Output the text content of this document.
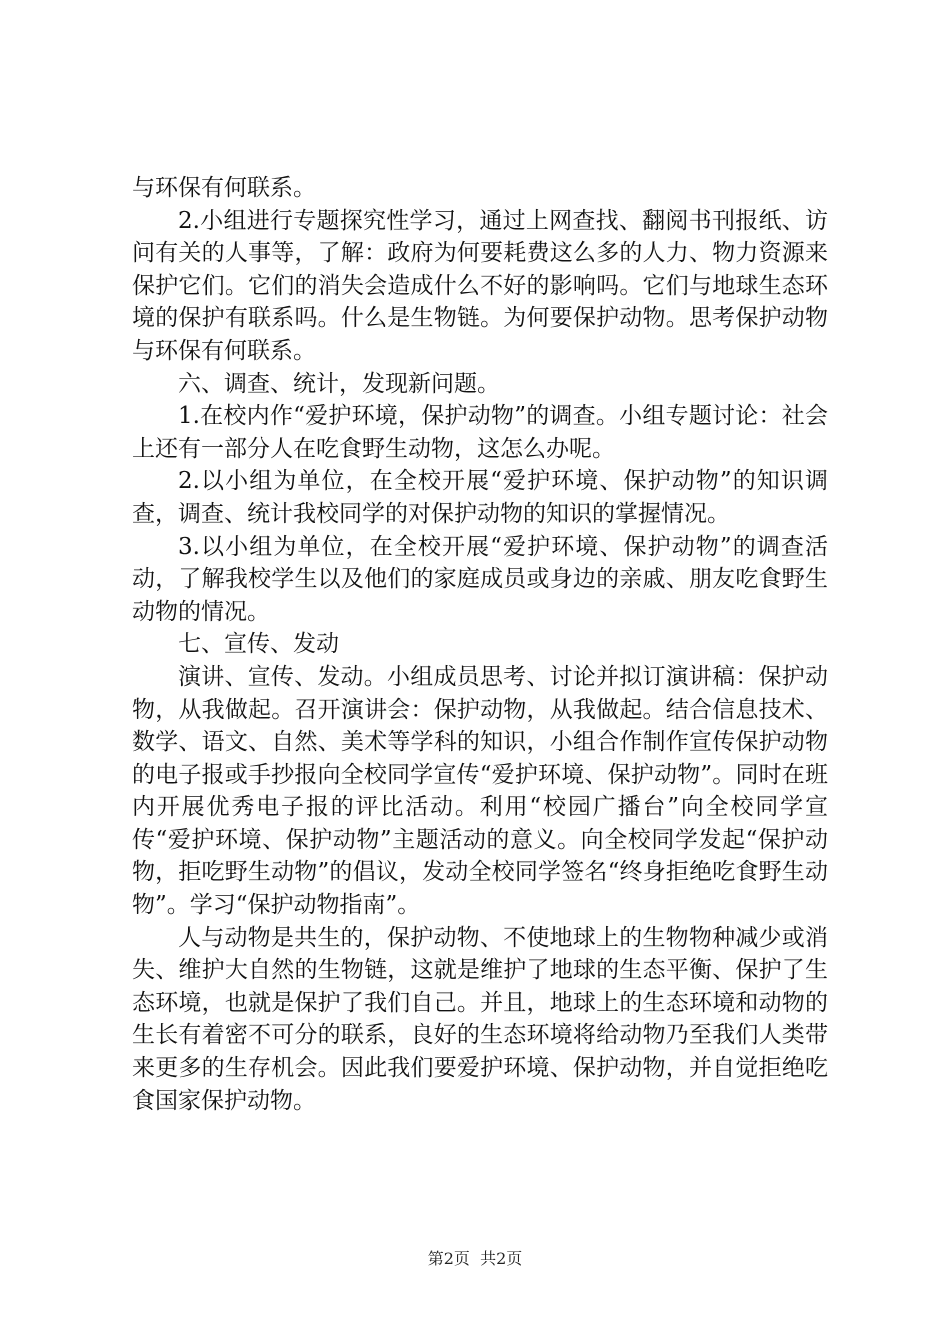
与环保有何联系。

2.小组进行专题探究性学习，通过上网查找、翻阅书刊报纸、访问有关的人事等，了解：政府为何要耗费这么多的人力、物力资源来保护它们。它们的消失会造成什么不好的影响吗。它们与地球生态环境的保护有联系吗。什么是生物链。为何要保护动物。思考保护动物与环保有何联系。

六、调查、统计，发现新问题。

1.在校内作“爱护环境，保护动物”的调查。小组专题讨论：社会上还有一部分人在吃食野生动物，这怎么办呢。

2.以小组为单位，在全校开展“爱护环境、保护动物”的知识调查，调查、统计我校同学的对保护动物的知识的掌握情况。

3.以小组为单位，在全校开展“爱护环境、保护动物”的调查活动，了解我校学生以及他们的家庭成员或身边的亲戚、朋友吃食野生动物的情况。

七、宣传、发动

演讲、宣传、发动。小组成员思考、讨论并拟订演讲稿：保护动物，从我做起。召开演讲会：保护动物，从我做起。结合信息技术、数学、语文、自然、美术等学科的知识，小组合作制作宣传保护动物的电子报或手抄报向全校同学宣传“爱护环境、保护动物”。同时在班内开展优秀电子报的评比活动。利用“校园广播台”向全校同学宣传“爱护环境、保护动物”主题活动的意义。向全校同学发起“保护动物，拒吃野生动物”的倡议，发动全校同学签名“终身拒绝吃食野生动物”。学习“保护动物指南”。

人与动物是共生的，保护动物、不使地球上的生物物种减少或消失、维护大自然的生物链，这就是维护了地球的生态平衡、保护了生态环境，也就是保护了我们自己。并且，地球上的生态环境和动物的生长有着密不可分的联系，良好的生态环境将给动物乃至我们人类带来更多的生存机会。因此我们要爱护环境、保护动物，并自觉拒绝吃食国家保护动物。

第2页  共2页
